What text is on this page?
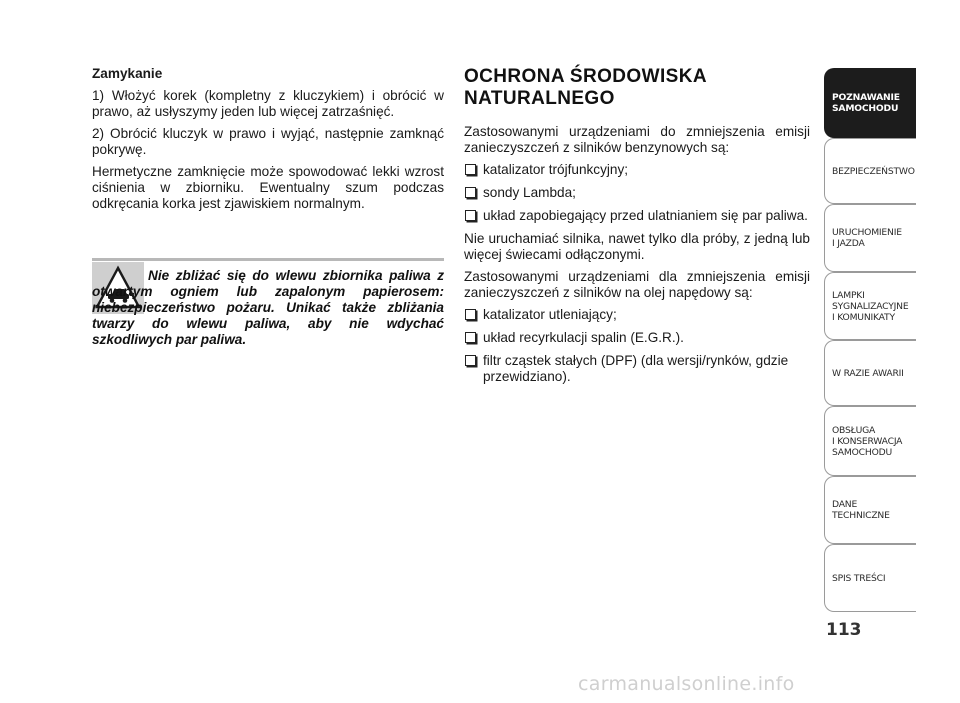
Zamykanie

1) Włożyć korek (kompletny z kluczykiem) i obrócić w prawo, aż usłyszymy jeden lub więcej zatrzaśnięć.

2) Obrócić kluczyk w prawo i wyjąć, następnie zamknąć pokrywę.

Hermetyczne zamknięcie może spowodować lekki wzrost ciśnienia w zbiorniku. Ewentualny szum podczas odkręcania korka jest zjawiskiem normalnym.

Nie zbliżać się do wlewu zbiornika paliwa z otwartym ogniem lub zapalonym papierosem: niebezpieczeństwo pożaru. Unikać także zbliżania twarzy do wlewu paliwa, aby nie wdychać szkodliwych par paliwa.
OCHRONA ŚRODOWISKA
NATURALNEGO

Zastosowanymi urządzeniami do zmniejszenia emisji zanieczyszczeń z silników benzynowych są:

katalizator trójfunkcyjny;
sondy Lambda;
układ zapobiegający przed ulatnianiem się par paliwa.

Nie uruchamiać silnika, nawet tylko dla próby, z jedną lub więcej świecami odłączonymi.

Zastosowanymi urządzeniami dla zmniejszenia emisji zanieczyszczeń z silników na olej napędowy są:

katalizator utleniający;
układ recyrkulacji spalin (E.G.R.).
filtr cząstek stałych (DPF) (dla wersji/rynków, gdzie przewidziano).
POZNAWANIE
SAMOCHODU
BEZPIECZEŃSTWO
URUCHOMIENIE
I JAZDA
LAMPKI
SYGNALIZACYJNE
I KOMUNIKATY
W RAZIE AWARII
OBSŁUGA
I KONSERWACJA
SAMOCHODU
DANE
TECHNICZNE
SPIS TREŚCI
113
carmanualsonline.info
